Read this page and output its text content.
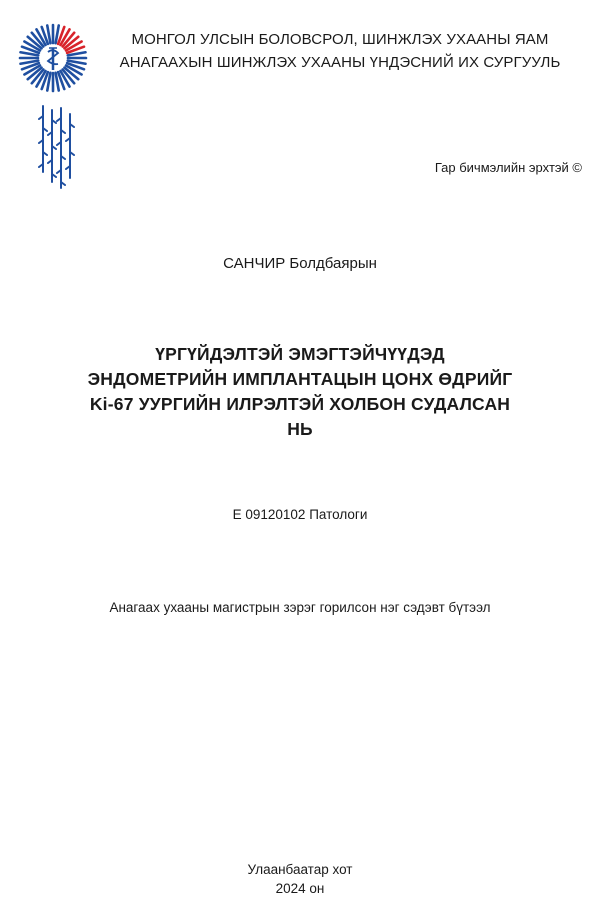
МОНГОЛ УЛСЫН БОЛОВСРОЛ, ШИНЖЛЭХ УХААНЫ ЯАМ
АНАГААХЫН ШИНЖЛЭХ УХААНЫ ҮНДЭСНИЙ ИХ СУРГУУЛЬ
Гар бичмэлийн эрхтэй ©
САНЧИР Болдбаярын
ҮРГҮЙДЭЛТЭЙ ЭМЭГТЭЙЧҮҮДЭД
ЭНДОМЕТРИЙН ИМПЛАНТАЦЫН ЦОНХ ӨДРИЙГ
Ki-67 УУРГИЙН ИЛРЭЛТЭЙ ХОЛБОН СУДАЛСАН
НЬ
Е 09120102 Патологи
Анагаах ухааны магистрын зэрэг горилсон нэг сэдэвт бүтээл
Улаанбаатар хот
2024 он
